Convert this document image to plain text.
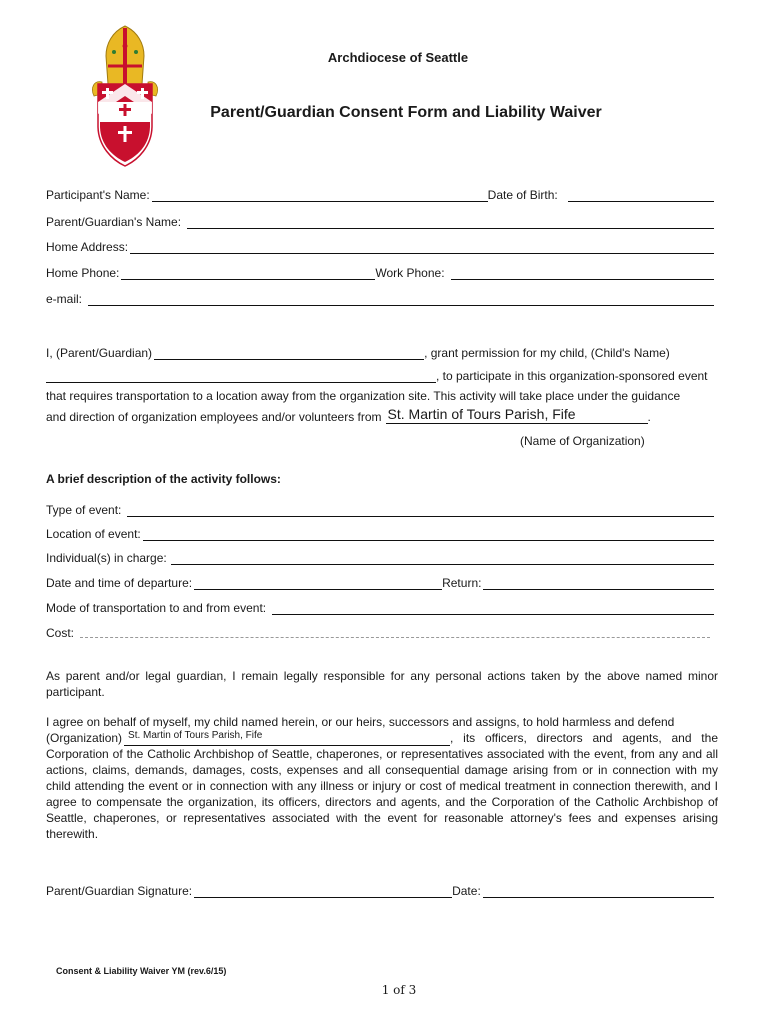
Archdiocese of Seattle
Parent/Guardian Consent Form and Liability Waiver
Participant's Name:	Date of Birth:
Parent/Guardian's Name:
Home Address:
Home Phone:	Work Phone:
e-mail:
I, (Parent/Guardian)	, grant permission for my child, (Child's Name)
, to participate in this organization-sponsored event
that requires transportation to a location away from the organization site. This activity will take place under the guidance
and direction of organization employees and/or volunteers from St. Martin of Tours Parish, Fife	.
(Name of Organization)
A brief description of the activity follows:
Type of event:
Location of event:
Individual(s) in charge:
Date and time of departure:	Return:
Mode of transportation to and from event:
Cost:
As parent and/or legal guardian, I remain legally responsible for any personal actions taken by the above named minor participant.
I agree on behalf of myself, my child named herein, or our heirs, successors and assigns, to hold harmless and defend
(Organization) St. Martin of Tours Parish, Fife	, its officers, directors and agents, and the
Corporation of the Catholic Archbishop of Seattle, chaperones, or representatives associated with the event, from any and all actions, claims, demands, damages, costs, expenses and all consequential damage arising from or in connection with my child attending the event or in connection with any illness or injury or cost of medical treatment in connection therewith, and I agree to compensate the organization, its officers, directors and agents, and the Corporation of the Catholic Archbishop of Seattle, chaperones, or representatives associated with the event for reasonable attorney's fees and expenses arising therewith.
Parent/Guardian Signature:	Date:
Consent & Liability Waiver YM (rev.6/15)
1 of 3
